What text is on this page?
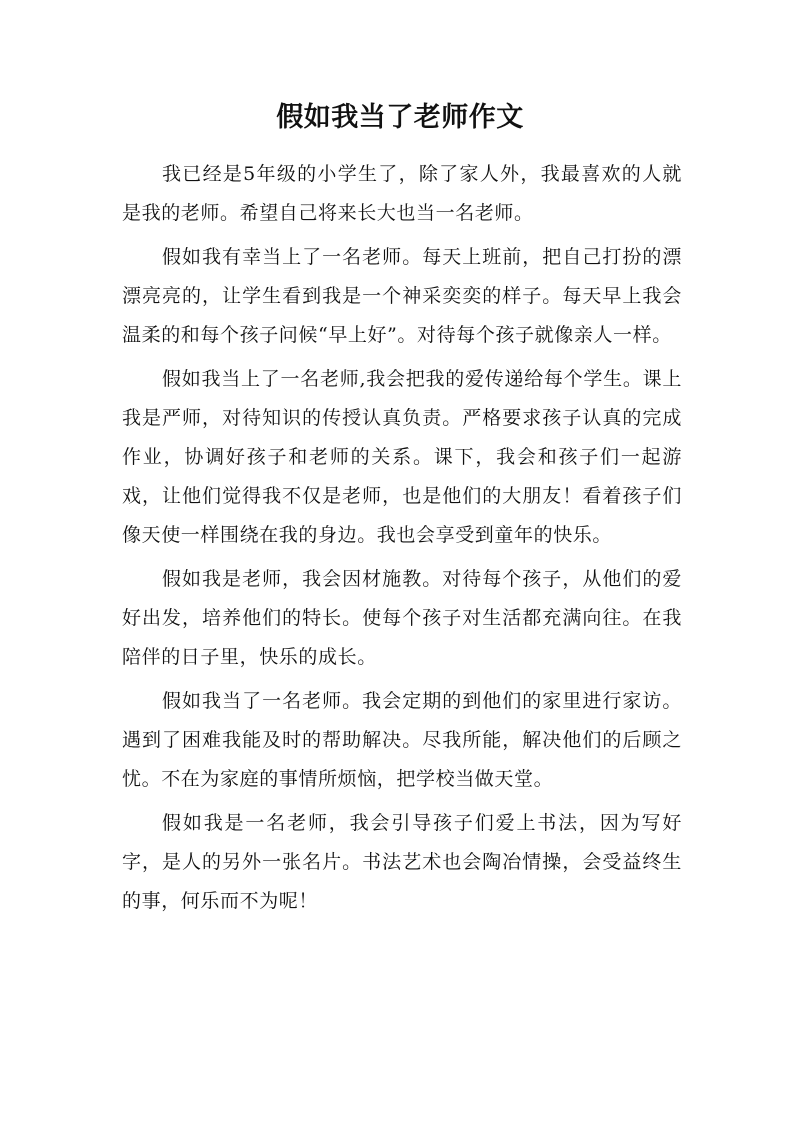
假如我当了老师作文

我已经是5年级的小学生了，除了家人外，我最喜欢的人就是我的老师。希望自己将来长大也当一名老师。

假如我有幸当上了一名老师。每天上班前，把自己打扮的漂漂亮亮的，让学生看到我是一个神采奕奕的样子。每天早上我会温柔的和每个孩子问候“早上好”。对待每个孩子就像亲人一样。

假如我当上了一名老师,我会把我的爱传递给每个学生。课上我是严师，对待知识的传授认真负责。严格要求孩子认真的完成作业，协调好孩子和老师的关系。课下，我会和孩子们一起游戏，让他们觉得我不仅是老师，也是他们的大朋友！看着孩子们像天使一样围绕在我的身边。我也会享受到童年的快乐。

假如我是老师，我会因材施教。对待每个孩子，从他们的爱好出发，培养他们的特长。使每个孩子对生活都充满向往。在我陪伴的日子里，快乐的成长。

假如我当了一名老师。我会定期的到他们的家里进行家访。遇到了困难我能及时的帮助解决。尽我所能，解决他们的后顾之忧。不在为家庭的事情所烦恼，把学校当做天堂。

假如我是一名老师，我会引导孩子们爱上书法，因为写好字，是人的另外一张名片。书法艺术也会陶冶情操，会受益终生的事，何乐而不为呢！
